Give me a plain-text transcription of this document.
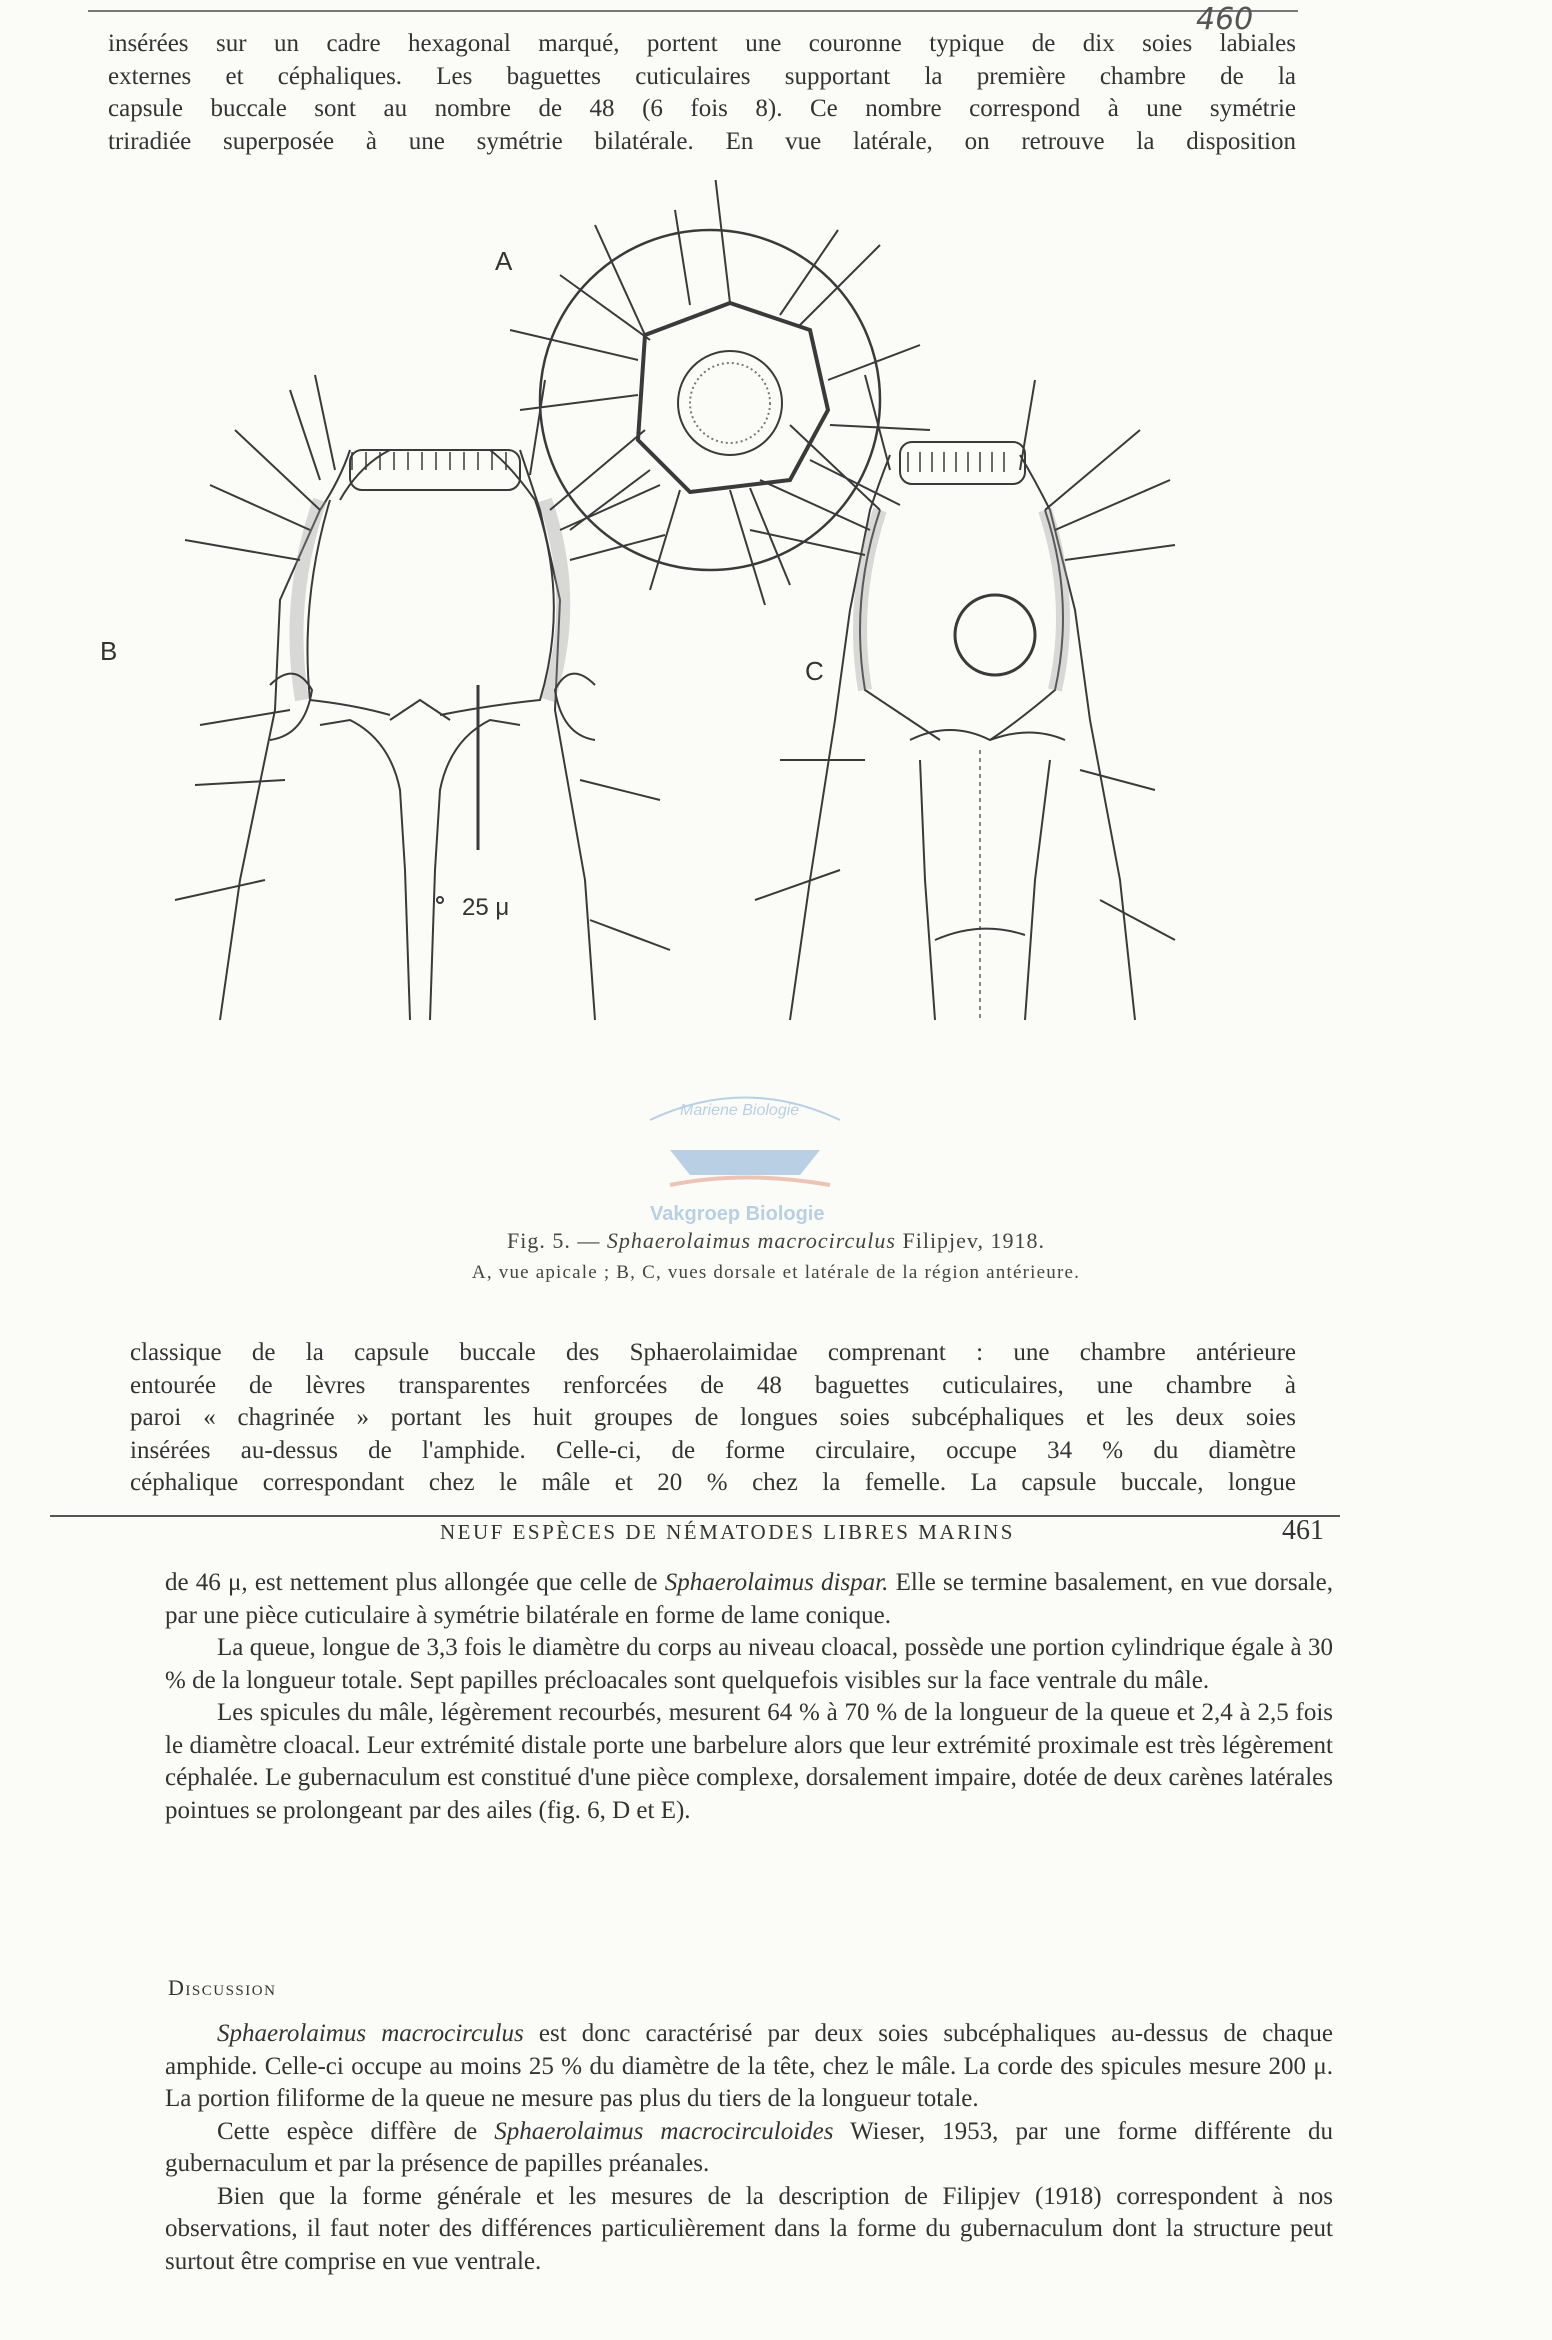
460
insérées sur un cadre hexagonal marqué, portent une couronne typique de dix soies labiales
externes et céphaliques. Les baguettes cuticulaires supportant la première chambre de la
capsule buccale sont au nombre de 48 (6 fois 8). Ce nombre correspond à une symétrie
triradiée superposée à une symétrie bilatérale. En vue latérale, on retrouve la disposition
A
B
C
25 μ
Mariene Biologie
Vakgroep Biologie
Fig. 5. — Sphaerolaimus macrocirculus Filipjev, 1918.
A, vue apicale ; B, C, vues dorsale et latérale de la région antérieure.
classique de la capsule buccale des Sphaerolaimidae comprenant : une chambre antérieure
entourée de lèvres transparentes renforcées de 48 baguettes cuticulaires, une chambre à
paroi « chagrinée » portant les huit groupes de longues soies subcéphaliques et les deux soies
insérées au-dessus de l'amphide. Celle-ci, de forme circulaire, occupe 34 % du diamètre
céphalique correspondant chez le mâle et 20 % chez la femelle. La capsule buccale, longue
NEUF ESPÈCES DE NÉMATODES LIBRES MARINS	461

de 46 μ, est nettement plus allongée que celle de Sphaerolaimus dispar. Elle se termine basalement, en vue dorsale, par une pièce cuticulaire à symétrie bilatérale en forme de lame conique.

La queue, longue de 3,3 fois le diamètre du corps au niveau cloacal, possède une portion cylindrique égale à 30 % de la longueur totale. Sept papilles précloacales sont quelquefois visibles sur la face ventrale du mâle.

Les spicules du mâle, légèrement recourbés, mesurent 64 % à 70 % de la longueur de la queue et 2,4 à 2,5 fois le diamètre cloacal. Leur extrémité distale porte une barbelure alors que leur extrémité proximale est très légèrement céphalée. Le gubernaculum est constitué d'une pièce complexe, dorsalement impaire, dotée de deux carènes latérales pointues se prolongeant par des ailes (fig. 6, D et E).

Discussion

Sphaerolaimus macrocirculus est donc caractérisé par deux soies subcéphaliques au-dessus de chaque amphide. Celle-ci occupe au moins 25 % du diamètre de la tête, chez le mâle. La corde des spicules mesure 200 μ. La portion filiforme de la queue ne mesure pas plus du tiers de la longueur totale.

Cette espèce diffère de Sphaerolaimus macrocirculoides Wieser, 1953, par une forme différente du gubernaculum et par la présence de papilles préanales.

Bien que la forme générale et les mesures de la description de Filipjev (1918) correspondent à nos observations, il faut noter des différences particulièrement dans la forme du gubernaculum dont la structure peut surtout être comprise en vue ventrale.
